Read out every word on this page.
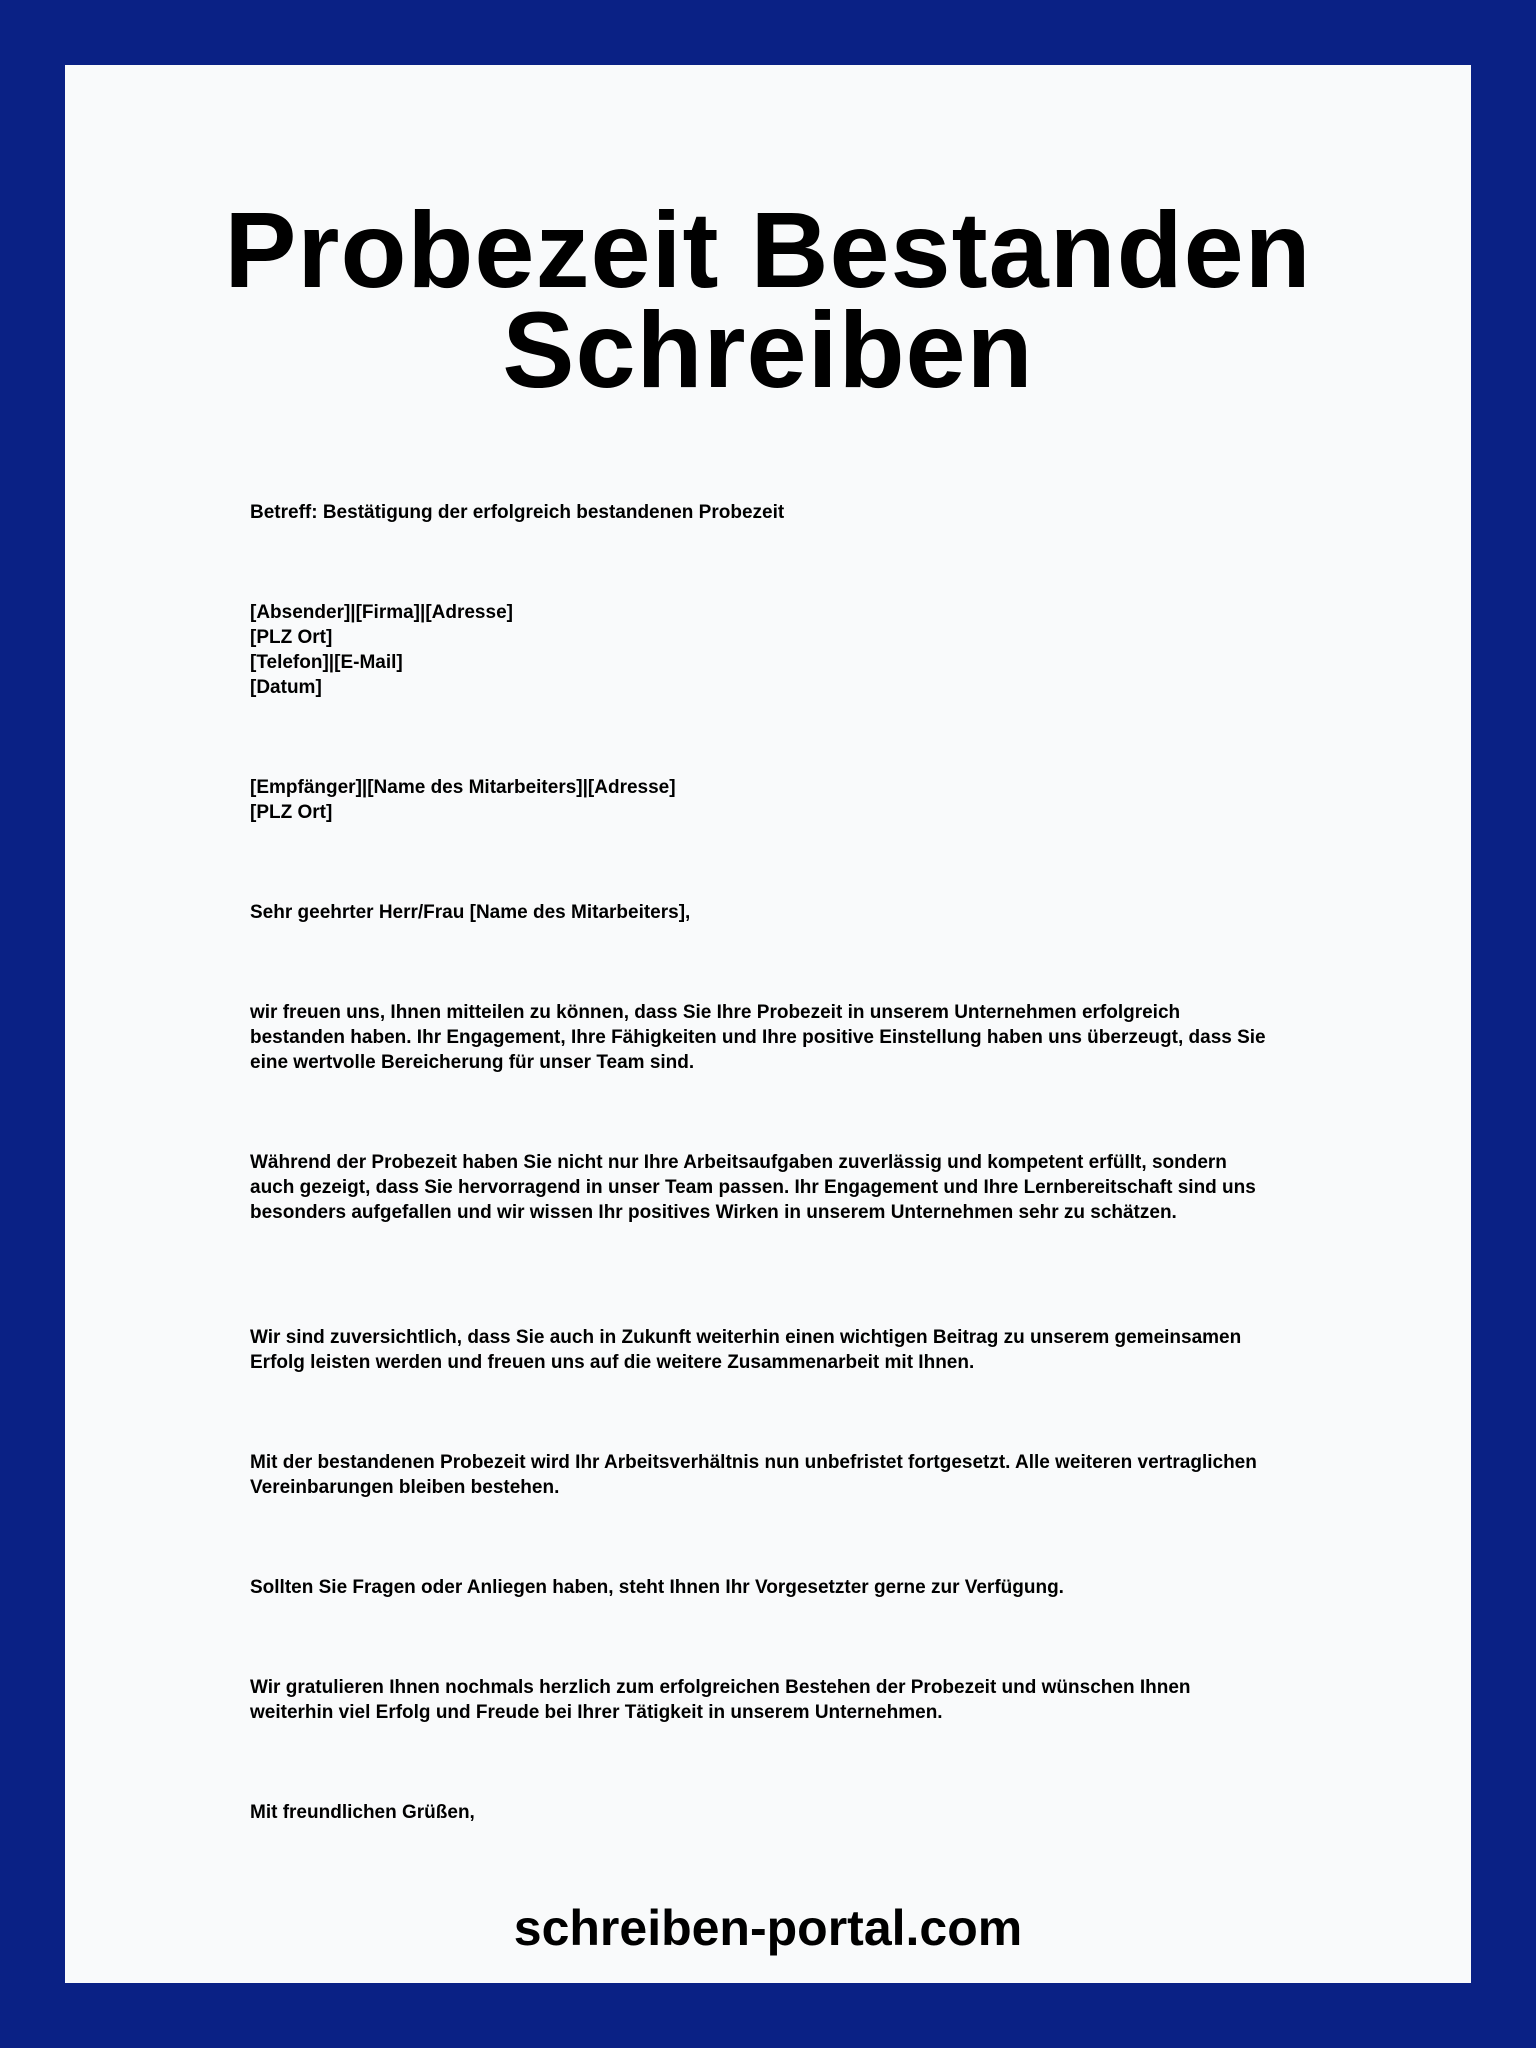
Probezeit Bestanden
Schreiben

Betreff: Bestätigung der erfolgreich bestandenen Probezeit

[Absender]|[Firma]|[Adresse]
[PLZ Ort]
[Telefon]|[E-Mail]
[Datum]

[Empfänger]|[Name des Mitarbeiters]|[Adresse]
[PLZ Ort]

Sehr geehrter Herr/Frau [Name des Mitarbeiters],

wir freuen uns, Ihnen mitteilen zu können, dass Sie Ihre Probezeit in unserem Unternehmen erfolgreich bestanden haben. Ihr Engagement, Ihre Fähigkeiten und Ihre positive Einstellung haben uns überzeugt, dass Sie eine wertvolle Bereicherung für unser Team sind.

Während der Probezeit haben Sie nicht nur Ihre Arbeitsaufgaben zuverlässig und kompetent erfüllt, sondern auch gezeigt, dass Sie hervorragend in unser Team passen. Ihr Engagement und Ihre Lernbereitschaft sind uns besonders aufgefallen und wir wissen Ihr positives Wirken in unserem Unternehmen sehr zu schätzen.

Wir sind zuversichtlich, dass Sie auch in Zukunft weiterhin einen wichtigen Beitrag zu unserem gemeinsamen Erfolg leisten werden und freuen uns auf die weitere Zusammenarbeit mit Ihnen.

Mit der bestandenen Probezeit wird Ihr Arbeitsverhältnis nun unbefristet fortgesetzt. Alle weiteren vertraglichen Vereinbarungen bleiben bestehen.

Sollten Sie Fragen oder Anliegen haben, steht Ihnen Ihr Vorgesetzter gerne zur Verfügung.

Wir gratulieren Ihnen nochmals herzlich zum erfolgreichen Bestehen der Probezeit und wünschen Ihnen weiterhin viel Erfolg und Freude bei Ihrer Tätigkeit in unserem Unternehmen.

Mit freundlichen Grüßen,

schreiben-portal.com
